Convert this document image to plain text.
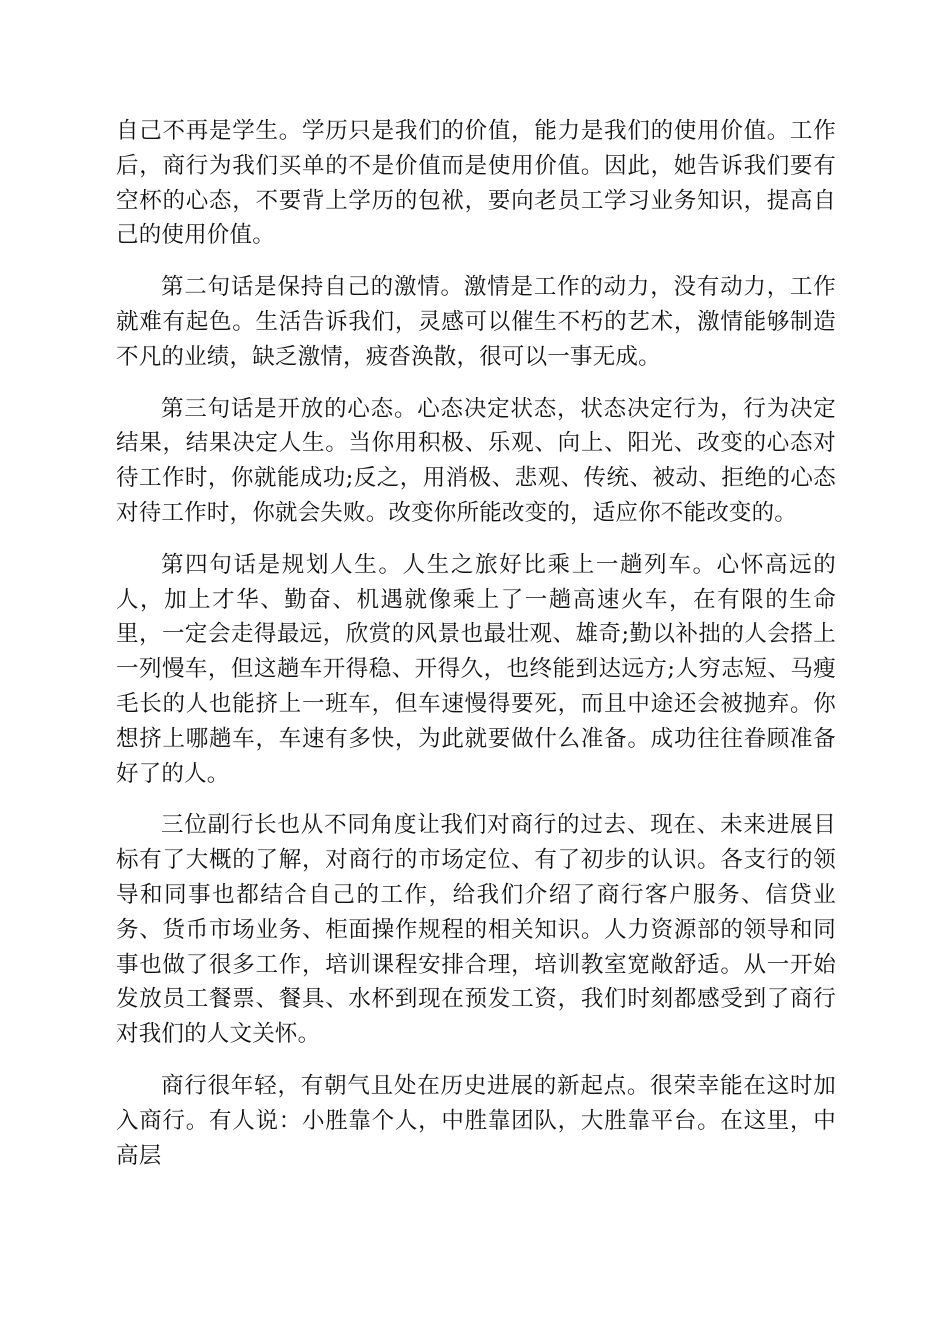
自己不再是学生。学历只是我们的价值，能力是我们的使用价值。工作后，商行为我们买单的不是价值而是使用价值。因此，她告诉我们要有空杯的心态，不要背上学历的包袱，要向老员工学习业务知识，提高自己的使用价值。

第二句话是保持自己的激情。激情是工作的动力，没有动力，工作就难有起色。生活告诉我们，灵感可以催生不朽的艺术，激情能够制造不凡的业绩，缺乏激情，疲沓涣散，很可以一事无成。

第三句话是开放的心态。心态决定状态，状态决定行为，行为决定结果，结果决定人生。当你用积极、乐观、向上、阳光、改变的心态对待工作时，你就能成功;反之，用消极、悲观、传统、被动、拒绝的心态对待工作时，你就会失败。改变你所能改变的，适应你不能改变的。

第四句话是规划人生。人生之旅好比乘上一趟列车。心怀高远的人，加上才华、勤奋、机遇就像乘上了一趟高速火车，在有限的生命里，一定会走得最远，欣赏的风景也最壮观、雄奇;勤以补拙的人会搭上一列慢车，但这趟车开得稳、开得久，也终能到达远方;人穷志短、马瘦毛长的人也能挤上一班车，但车速慢得要死，而且中途还会被抛弃。你想挤上哪趟车，车速有多快，为此就要做什么准备。成功往往眷顾准备好了的人。

三位副行长也从不同角度让我们对商行的过去、现在、未来进展目标有了大概的了解，对商行的市场定位、有了初步的认识。各支行的领导和同事也都结合自己的工作，给我们介绍了商行客户服务、信贷业务、货币市场业务、柜面操作规程的相关知识。人力资源部的领导和同事也做了很多工作，培训课程安排合理，培训教室宽敞舒适。从一开始发放员工餐票、餐具、水杯到现在预发工资，我们时刻都感受到了商行对我们的人文关怀。

商行很年轻，有朝气且处在历史进展的新起点。很荣幸能在这时加入商行。有人说：小胜靠个人，中胜靠团队，大胜靠平台。在这里，中高层
